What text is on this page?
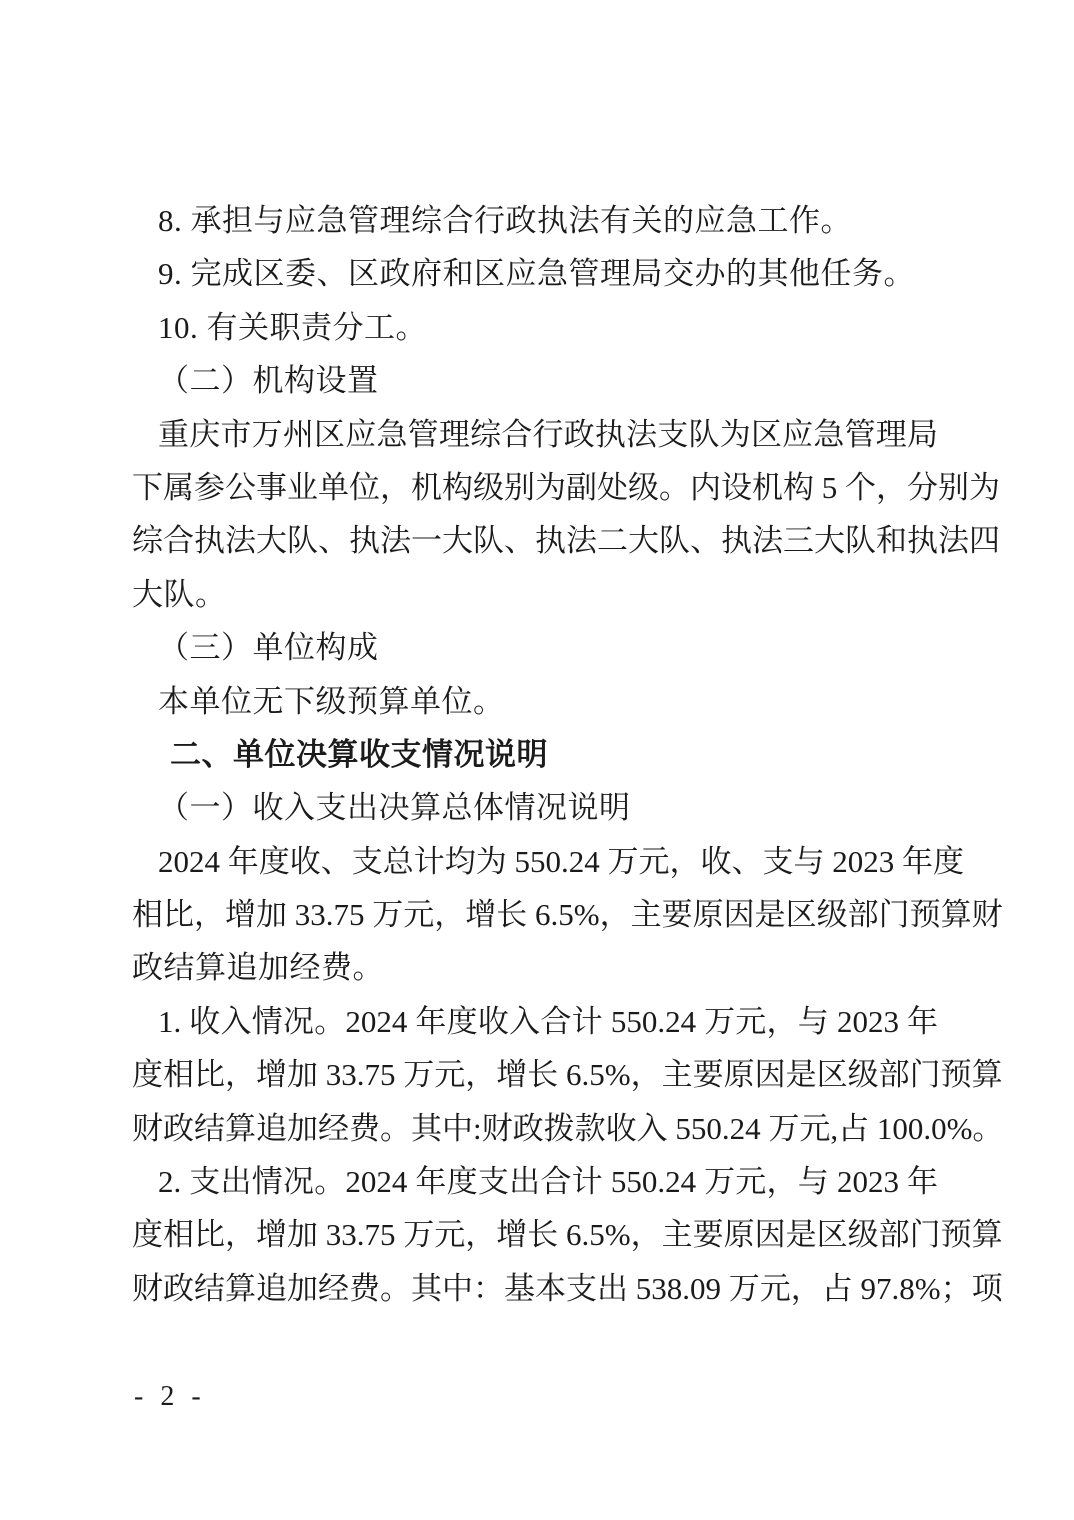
8. 承担与应急管理综合行政执法有关的应急工作。
9. 完成区委、区政府和区应急管理局交办的其他任务。
10. 有关职责分工。
（二）机构设置
重庆市万州区应急管理综合行政执法支队为区应急管理局
下属参公事业单位，机构级别为副处级。内设机构 5 个，分别为
综合执法大队、执法一大队、执法二大队、执法三大队和执法四
大队。
（三）单位构成
本单位无下级预算单位。
二、单位决算收支情况说明
（一）收入支出决算总体情况说明
2024 年度收、支总计均为 550.24 万元，收、支与 2023 年度
相比，增加 33.75 万元，增长 6.5%，主要原因是区级部门预算财
政结算追加经费。
1. 收入情况。2024 年度收入合计 550.24 万元，与 2023 年
度相比，增加 33.75 万元，增长 6.5%，主要原因是区级部门预算
财政结算追加经费。其中:财政拨款收入 550.24 万元,占 100.0%。
2. 支出情况。2024 年度支出合计 550.24 万元，与 2023 年
度相比，增加 33.75 万元，增长 6.5%，主要原因是区级部门预算
财政结算追加经费。其中：基本支出 538.09 万元，占 97.8%；项
- 2 -
